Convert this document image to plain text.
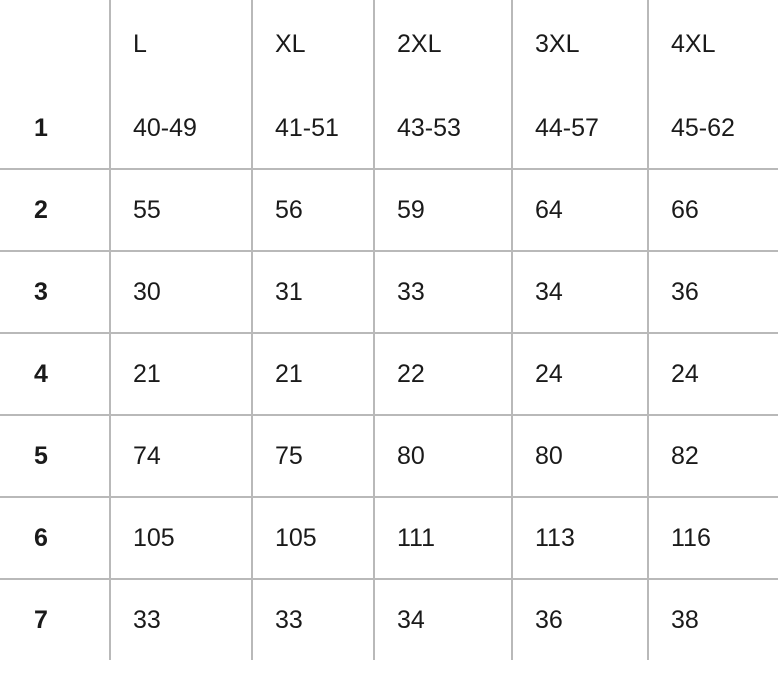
	L	XL	2XL	3XL	4XL
1	40-49	41-51	43-53	44-57	45-62
2	55	56	59	64	66
3	30	31	33	34	36
4	21	21	22	24	24
5	74	75	80	80	82
6	105	105	111	113	116
7	33	33	34	36	38
